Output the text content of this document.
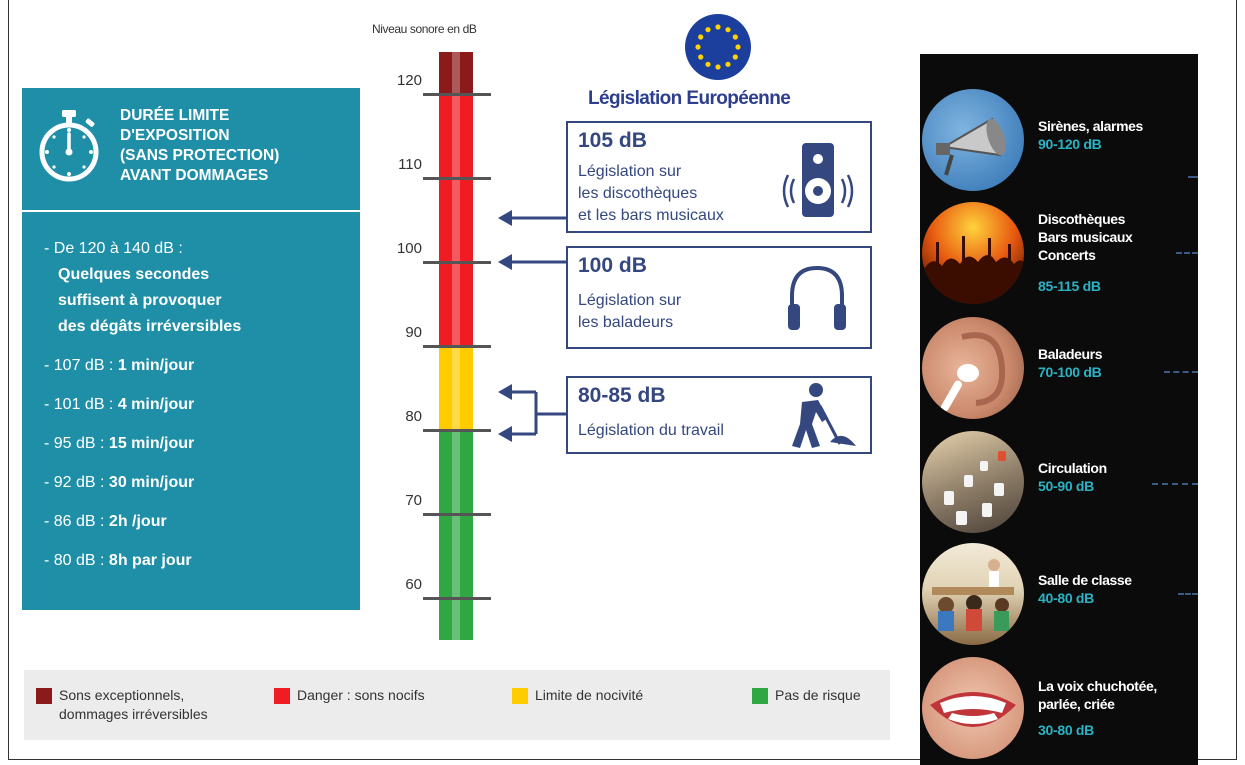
DURÉE LIMITE
D'EXPOSITION
(SANS PROTECTION)
AVANT DOMMAGES
- De 120 à 140 dB :
Quelques secondes
suffisent à provoquer
des dégâts irréversibles
- 107 dB : 1 min/jour
- 101 dB : 4 min/jour
- 95 dB : 15 min/jour
- 92 dB : 30 min/jour
- 86 dB : 2h /jour
- 80 dB : 8h par jour
Niveau sonore en dB
120
110
100
90
80
70
60
Législation Européenne
105 dB
Législation sur
les discothèques
et les bars musicaux
100 dB
Législation sur
les baladeurs
80-85 dB
Législation du travail
Sons exceptionnels,
dommages irréversibles
Danger : sons nocifs	Limite de nocivité	Pas de risque
Sirènes, alarmes
90-120 dB
Discothèques
Bars musicaux
Concerts
85-115 dB
Baladeurs
70-100 dB
Circulation
50-90 dB
Salle de classe
40-80 dB
La voix chuchotée,
parlée, criée
30-80 dB
